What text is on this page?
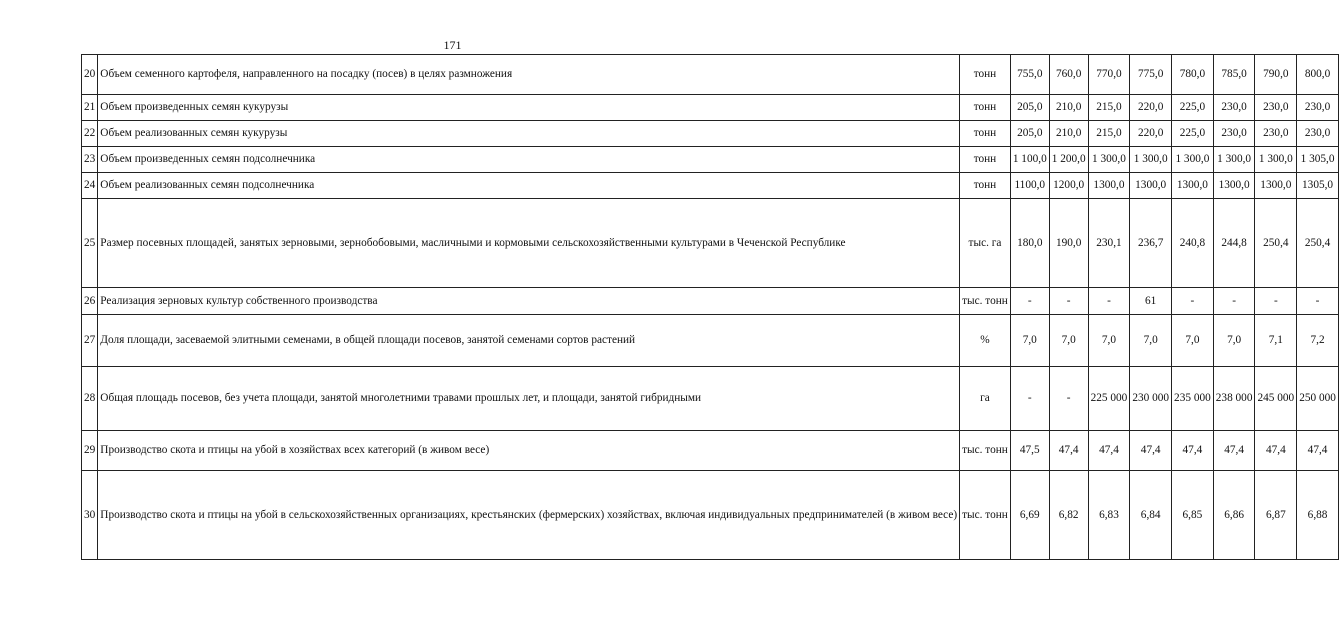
171
20	Объем семенного картофеля, направленного на посадку (посев) в целях размножения	тонн	755,0	760,0	770,0	775,0	780,0	785,0	790,0	800,0
21	Объем произведенных семян кукурузы	тонн	205,0	210,0	215,0	220,0	225,0	230,0	230,0	230,0
22	Объем реализованных семян кукурузы	тонн	205,0	210,0	215,0	220,0	225,0	230,0	230,0	230,0
23	Объем произведенных семян подсолнечника	тонн	1 100,0	1 200,0	1 300,0	1 300,0	1 300,0	1 300,0	1 300,0	1 305,0
24	Объем реализованных семян подсолнечника	тонн	1100,0	1200,0	1300,0	1300,0	1300,0	1300,0	1300,0	1305,0
25	Размер посевных площадей, занятых зерновыми, зернобобовыми, масличными и кормовыми сельскохозяйственными культурами в Чеченской Республике	тыс. га	180,0	190,0	230,1	236,7	240,8	244,8	250,4	250,4
26	Реализация зерновых культур собственного производства	тыс. тонн	-	-	-	61	-	-	-	-
27	Доля площади, засеваемой элитными семенами, в общей площади посевов, занятой семенами сортов растений	%	7,0	7,0	7,0	7,0	7,0	7,0	7,1	7,2
28	Общая площадь посевов, без учета площади, занятой многолетними травами прошлых лет, и площади, занятой гибридными	га	-	-	225 000	230 000	235 000	238 000	245 000	250 000
29	Производство скота и птицы на убой в хозяйствах всех категорий (в живом весе)	тыс. тонн	47,5	47,4	47,4	47,4	47,4	47,4	47,4	47,4
30	Производство скота и птицы на убой в сельскохозяйственных организациях, крестьянских (фермерских) хозяйствах, включая индивидуальных предпринимателей (в живом весе)	тыс. тонн	6,69	6,82	6,83	6,84	6,85	6,86	6,87	6,88
